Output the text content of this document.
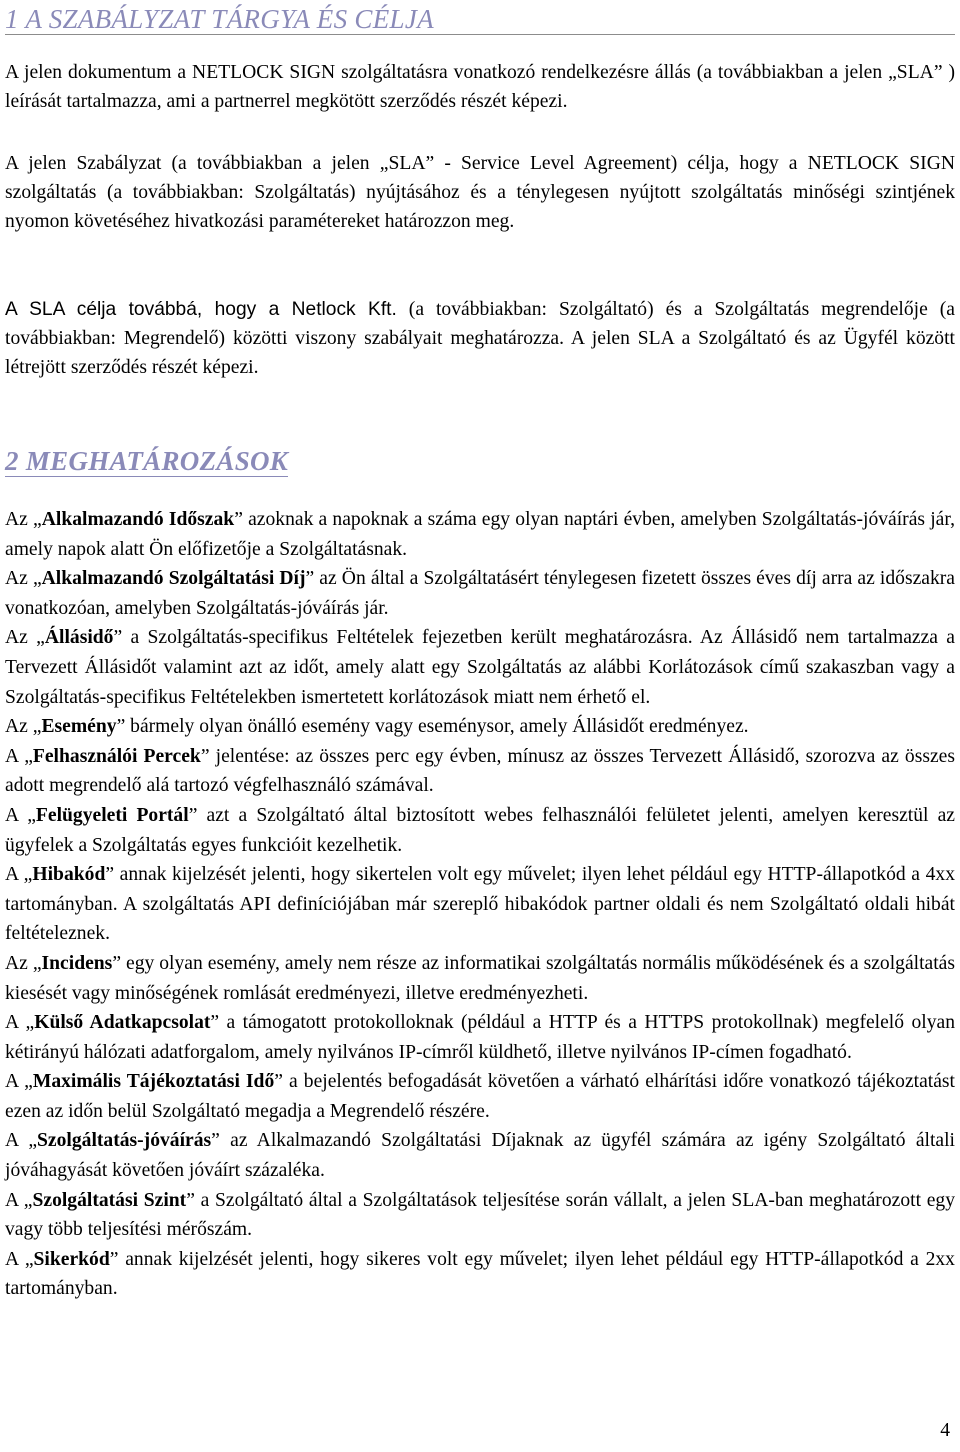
1 A SZABÁLYZAT TÁRGYA ÉS CÉLJA

A jelen dokumentum a NETLOCK SIGN szolgáltatásra vonatkozó rendelkezésre állás (a továbbiakban a jelen „SLA” ) leírását tartalmazza, ami a partnerrel megkötött szerződés részét képezi.

A jelen Szabályzat (a továbbiakban a jelen „SLA” - Service Level Agreement) célja, hogy a NETLOCK SIGN szolgáltatás (a továbbiakban: Szolgáltatás) nyújtásához és a ténylegesen nyújtott szolgáltatás minőségi szintjének nyomon követéséhez hivatkozási paramétereket határozzon meg.

A SLA célja továbbá, hogy a Netlock Kft. (a továbbiakban: Szolgáltató) és a Szolgáltatás megrendelője (a továbbiakban: Megrendelő) közötti viszony szabályait meghatározza. A jelen SLA a Szolgáltató és az Ügyfél között létrejött szerződés részét képezi.

2 MEGHATÁROZÁSOK

Az „Alkalmazandó Időszak” azoknak a napoknak a száma egy olyan naptári évben, amelyben Szolgáltatás-jóváírás jár, amely napok alatt Ön előfizetője a Szolgáltatásnak.

Az „Alkalmazandó Szolgáltatási Díj” az Ön által a Szolgáltatásért ténylegesen fizetett összes éves díj arra az időszakra vonatkozóan, amelyben Szolgáltatás-jóváírás jár.

Az „Állásidő” a Szolgáltatás-specifikus Feltételek fejezetben került meghatározásra. Az Állásidő nem tartalmazza a Tervezett Állásidőt valamint azt az időt, amely alatt egy Szolgáltatás az alábbi Korlátozások című szakaszban vagy a Szolgáltatás-specifikus Feltételekben ismertetett korlátozások miatt nem érhető el.

Az „Esemény” bármely olyan önálló esemény vagy eseménysor, amely Állásidőt eredményez.

A „Felhasználói Percek” jelentése: az összes perc egy évben, mínusz az összes Tervezett Állásidő, szorozva az összes adott megrendelő alá tartozó végfelhasználó számával.

A „Felügyeleti Portál” azt a Szolgáltató által biztosított webes felhasználói felületet jelenti, amelyen keresztül az ügyfelek a Szolgáltatás egyes funkcióit kezelhetik.

A „Hibakód” annak kijelzését jelenti, hogy sikertelen volt egy művelet; ilyen lehet például egy HTTP-állapotkód a 4xx tartományban. A szolgáltatás API definíciójában már szereplő hibakódok partner oldali és nem Szolgáltató oldali hibát feltételeznek.

Az „Incidens” egy olyan esemény, amely nem része az informatikai szolgáltatás normális működésének és a szolgáltatás kiesését vagy minőségének romlását eredményezi, illetve eredményezheti.

A „Külső Adatkapcsolat” a támogatott protokolloknak (például a HTTP és a HTTPS protokollnak) megfelelő olyan kétirányú hálózati adatforgalom, amely nyilvános IP-címről küldhető, illetve nyilvános IP-címen fogadható.

A „Maximális Tájékoztatási Idő” a bejelentés befogadását követően a várható elhárítási időre vonatkozó tájékoztatást ezen az időn belül Szolgáltató megadja a Megrendelő részére.

A „Szolgáltatás-jóváírás” az Alkalmazandó Szolgáltatási Díjaknak az ügyfél számára az igény Szolgáltató általi jóváhagyását követően jóváírt százaléka.

A „Szolgáltatási Szint” a Szolgáltató által a Szolgáltatások teljesítése során vállalt, a jelen SLA-ban meghatározott egy vagy több teljesítési mérőszám.

A „Sikerkód” annak kijelzését jelenti, hogy sikeres volt egy művelet; ilyen lehet például egy HTTP-állapotkód a 2xx tartományban.

4
